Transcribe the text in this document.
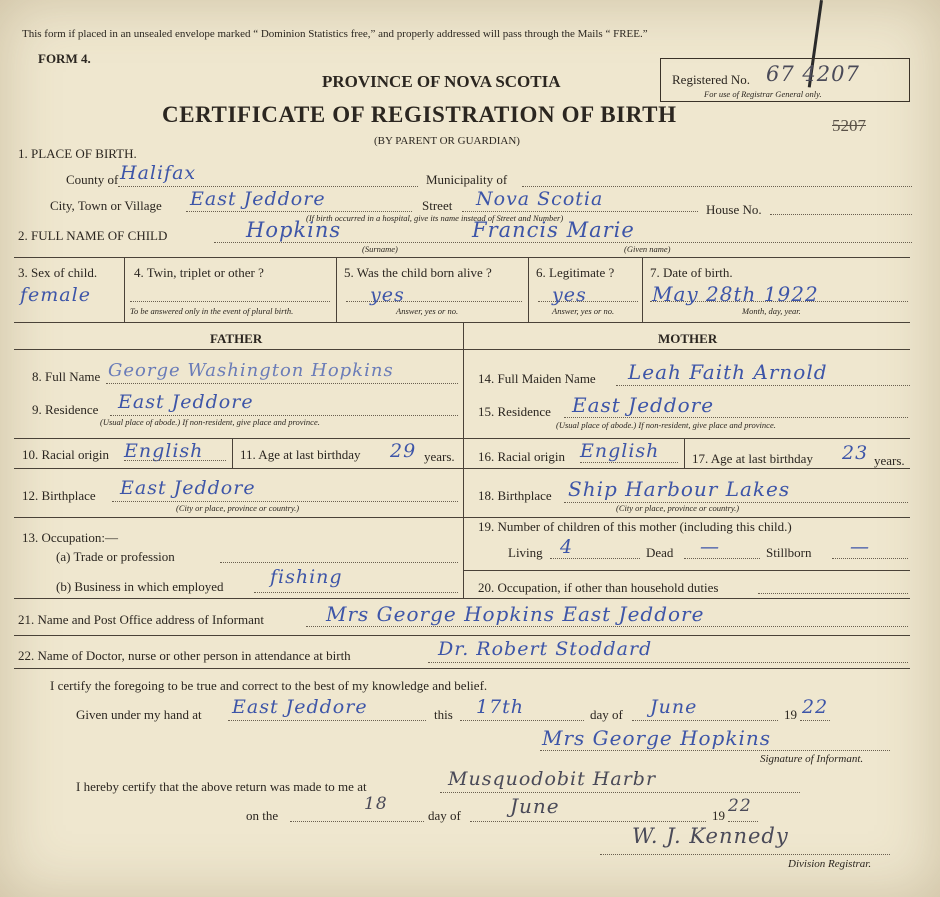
This form if placed in an unsealed envelope marked “ Dominion Statistics free,” and properly addressed will pass through the Mails “ FREE.”
FORM 4.
PROVINCE OF NOVA SCOTIA
CERTIFICATE OF REGISTRATION OF BIRTH
(BY PARENT OR GUARDIAN)
Registered No. 67 4207
For use of Registrar General only.
5207
1. PLACE OF BIRTH.
County of Halifax	Municipality of
City, Town or Village East Jeddore	Street Nova Scotia	House No.
(If birth occurred in a hospital, give its name instead of Street and Number)
2. FULL NAME OF CHILD	Hopkins	Francis Marie
(Surname)	(Given name)
3. Sex of child.
female
4. Twin, triplet or other ?
To be answered only in the event of plural birth.
5. Was the child born alive ?
yes
Answer, yes or no.
6. Legitimate ?
yes
Answer, yes or no.
7. Date of birth.
May 28th 1922
Month, day, year.
FATHER	MOTHER
8. Full Name George Washington Hopkins
9. Residence East Jeddore
(Usual place of abode.) If non-resident, give place and province.
10. Racial origin English	11. Age at last birthday 29 years.
12. Birthplace East Jeddore
(City or place, province or country.)
13. Occupation:—
(a) Trade or profession
(b) Business in which employed fishing
14. Full Maiden Name Leah Faith Arnold
15. Residence East Jeddore
(Usual place of abode.) If non-resident, give place and province.
16. Racial origin English	17. Age at last birthday 23 years.
18. Birthplace Ship Harbour Lakes
(City or place, province or country.)
19. Number of children of this mother (including this child.)
Living 4	Dead —	Stillborn —
20. Occupation, if other than household duties
21. Name and Post Office address of Informant	Mrs George Hopkins East Jeddore
22. Name of Doctor, nurse or other person in attendance at birth	Dr. Robert Stoddard
I certify the foregoing to be true and correct to the best of my knowledge and belief.
Given under my hand at East Jeddore	this 17th	day of June	19 22
Mrs George Hopkins
Signature of Informant.
I hereby certify that the above return was made to me at	Musquodobit Harbr
on the
18
day of June	19 22
W. J. Kennedy
Division Registrar.
